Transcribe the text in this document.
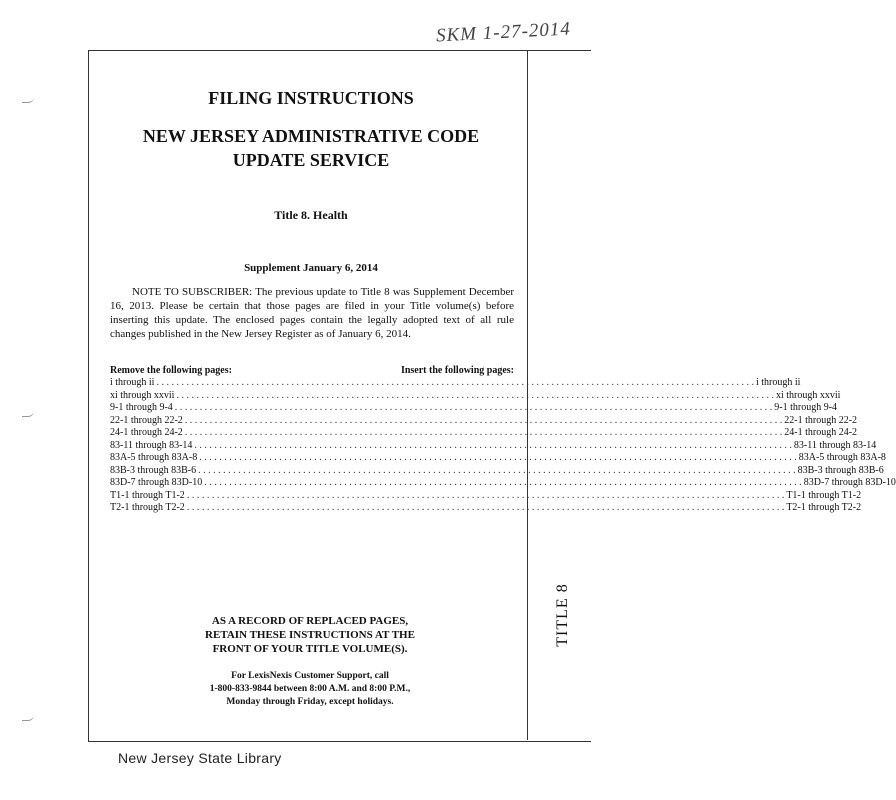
SKM 1-27-2014
TITLE 8
FILING INSTRUCTIONS
NEW JERSEY ADMINISTRATIVE CODE
UPDATE SERVICE
Title 8. Health
Supplement January 6, 2014
NOTE TO SUBSCRIBER: The previous update to Title 8 was Supplement December 16, 2013. Please be certain that those pages are filed in your Title volume(s) before inserting this update. The enclosed pages contain the legally adopted text of all rule changes published in the New Jersey Register as of January 6, 2014.
Remove the following pages:	Insert the following pages:
i through ii . . . . . . . . . . . . . . . . . . . . . . . . . . . . . . . . . . . . . . . . . . . . . . . . . . . . . . . . . . . . . . . . . . . . . . . . . . . . . . . . . . . . . . . . . . . . . . . . . . . . . . . . . . . . . . . . . . . . . . . . i through ii
xi through xxvii . . . . . . . . . . . . . . . . . . . . . . . . . . . . . . . . . . . . . . . . . . . . . . . . . . . . . . . . . . . . . . . . . . . . . . . . . . . . . . . . . . . . . . . . . . . . . . . . . . . . . . . . . . . . . . . . . . . . . . . . xi through xxvii
9-1 through 9-4 . . . . . . . . . . . . . . . . . . . . . . . . . . . . . . . . . . . . . . . . . . . . . . . . . . . . . . . . . . . . . . . . . . . . . . . . . . . . . . . . . . . . . . . . . . . . . . . . . . . . . . . . . . . . . . . . . . . . . . . . 9-1 through 9-4
22-1 through 22-2 . . . . . . . . . . . . . . . . . . . . . . . . . . . . . . . . . . . . . . . . . . . . . . . . . . . . . . . . . . . . . . . . . . . . . . . . . . . . . . . . . . . . . . . . . . . . . . . . . . . . . . . . . . . . . . . . . . . . . . . . 22-1 through 22-2
24-1 through 24-2 . . . . . . . . . . . . . . . . . . . . . . . . . . . . . . . . . . . . . . . . . . . . . . . . . . . . . . . . . . . . . . . . . . . . . . . . . . . . . . . . . . . . . . . . . . . . . . . . . . . . . . . . . . . . . . . . . . . . . . . . 24-1 through 24-2
83-11 through 83-14 . . . . . . . . . . . . . . . . . . . . . . . . . . . . . . . . . . . . . . . . . . . . . . . . . . . . . . . . . . . . . . . . . . . . . . . . . . . . . . . . . . . . . . . . . . . . . . . . . . . . . . . . . . . . . . . . . . . . . . . . 83-11 through 83-14
83A-5 through 83A-8 . . . . . . . . . . . . . . . . . . . . . . . . . . . . . . . . . . . . . . . . . . . . . . . . . . . . . . . . . . . . . . . . . . . . . . . . . . . . . . . . . . . . . . . . . . . . . . . . . . . . . . . . . . . . . . . . . . . . . . . . 83A-5 through 83A-8
83B-3 through 83B-6 . . . . . . . . . . . . . . . . . . . . . . . . . . . . . . . . . . . . . . . . . . . . . . . . . . . . . . . . . . . . . . . . . . . . . . . . . . . . . . . . . . . . . . . . . . . . . . . . . . . . . . . . . . . . . . . . . . . . . . . . 83B-3 through 83B-6
83D-7 through 83D-10 . . . . . . . . . . . . . . . . . . . . . . . . . . . . . . . . . . . . . . . . . . . . . . . . . . . . . . . . . . . . . . . . . . . . . . . . . . . . . . . . . . . . . . . . . . . . . . . . . . . . . . . . . . . . . . . . . . . . . . . . 83D-7 through 83D-10
T1-1 through T1-2 . . . . . . . . . . . . . . . . . . . . . . . . . . . . . . . . . . . . . . . . . . . . . . . . . . . . . . . . . . . . . . . . . . . . . . . . . . . . . . . . . . . . . . . . . . . . . . . . . . . . . . . . . . . . . . . . . . . . . . . . T1-1 through T1-2
T2-1 through T2-2 . . . . . . . . . . . . . . . . . . . . . . . . . . . . . . . . . . . . . . . . . . . . . . . . . . . . . . . . . . . . . . . . . . . . . . . . . . . . . . . . . . . . . . . . . . . . . . . . . . . . . . . . . . . . . . . . . . . . . . . . T2-1 through T2-2
AS A RECORD OF REPLACED PAGES,
RETAIN THESE INSTRUCTIONS AT THE
FRONT OF YOUR TITLE VOLUME(S).
For LexisNexis Customer Support, call
1-800-833-9844 between 8:00 A.M. and 8:00 P.M.,
Monday through Friday, except holidays.
New Jersey State Library
